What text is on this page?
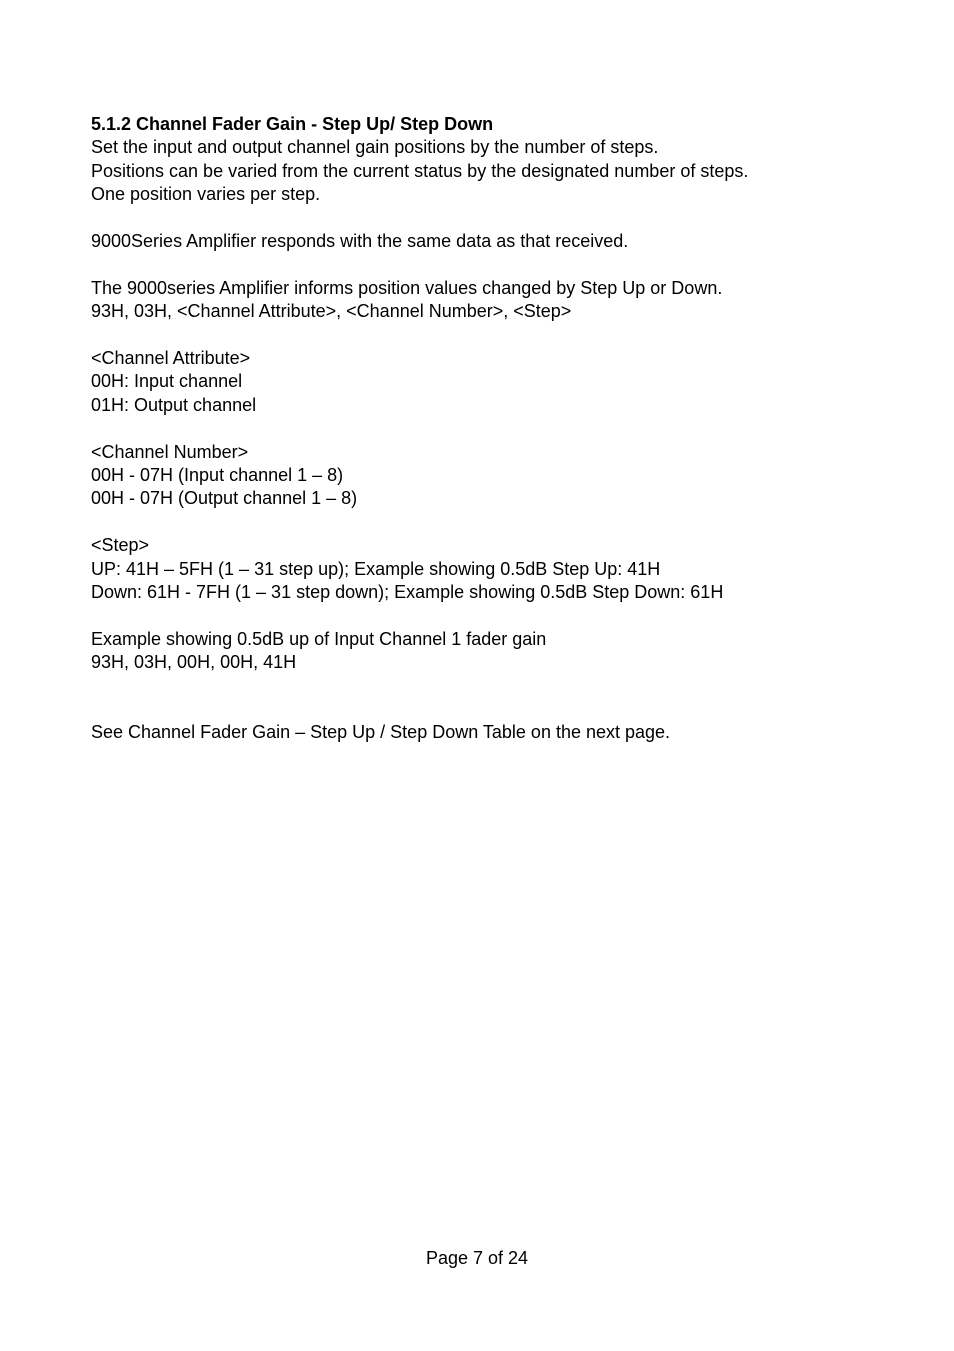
5.1.2 Channel Fader Gain - Step Up/ Step Down
Set the input and output channel gain positions by the number of steps.
Positions can be varied from the current status by the designated number of steps.
One position varies per step.
9000Series Amplifier responds with the same data as that received.
The 9000series Amplifier informs position values changed by Step Up or Down.
93H, 03H, <Channel Attribute>, <Channel Number>, <Step>
<Channel Attribute>
00H: Input channel
01H: Output channel
<Channel Number>
00H - 07H (Input channel 1 – 8)
00H - 07H (Output channel 1 – 8)
<Step>
UP: 41H – 5FH (1 – 31 step up); Example showing 0.5dB Step Up: 41H
Down: 61H - 7FH (1 – 31 step down); Example showing 0.5dB Step Down: 61H
Example showing 0.5dB up of Input Channel 1 fader gain
93H, 03H, 00H, 00H, 41H
See Channel Fader Gain – Step Up / Step Down Table on the next page.
Page 7 of 24
